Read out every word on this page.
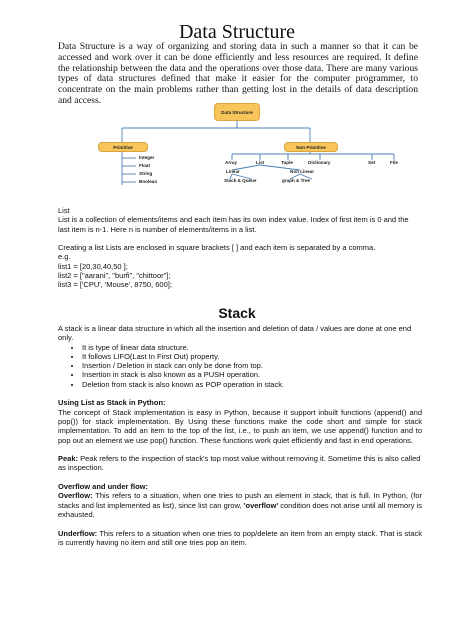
Data Structure
Data Structure is a way of organizing and storing data in such a manner so that it can be accessed and work over it can be done efficiently and less resources are required. It define the relationship between the data and the operations over those data. There are many various types of data structures defined that make it easier for the computer programmer, to concentrate on the main problems rather than getting lost in the details of data description and access.
Data Structure
Primitive	Non Primitive
Integer
Float
String
Boolean
Array	List	Tuple	Dictionary	Set	File
Linear	Non Linear
Stack & Queue	graph & Tree

List

List is a collection of elements/items and each item has its own index value. Index of first item is 0 and the last item is n-1. Here n is number of elements/items in a list.

Creating a list Lists are enclosed in square brackets [ ] and each item is separated by a comma.

e.g.

list1 = [20,30,40,50 ];

list2 = ["aarani", "burfi", "chittoor"];

list3 = ['CPU', 'Mouse', 8750, 600];

Stack

A stack is a linear data structure in which all the insertion and deletion of data / values are done at one end only.

• It is type of linear data structure.
• It follows LIFO(Last In First Out) property.
• Insertion / Deletion in stack can only be done from top.
• Insertion in stack is also known as a PUSH operation.
• Deletion from stack is also known as POP operation in stack.

Using List as Stack in Python:

The concept of Stack implementation is easy in Python, because it support inbuilt functions (append() and pop()) for stack implementation. By Using these functions make the code short and simple for stack implementation. To add an item to the top of the list, i.e., to push an item, we use append() function and to pop out an element we use pop() function. These functions work quiet efficiently and fast in end operations.

Peak: Peak refers to the inspection of stack's top most value without removing it. Sometime this is also called as inspection.

Overflow and under flow:

Overflow: This refers to a situation, when one tries to push an element in stack, that is full. In Python, (for stacks and list implemented as list), since list can grow, 'overflow' condition does not arise until all memory is exhausted.

Underflow: This refers to a situation when one tries to pop/delete an item from an empty stack. That is stack is currently having no item and still one tries pop an item.
